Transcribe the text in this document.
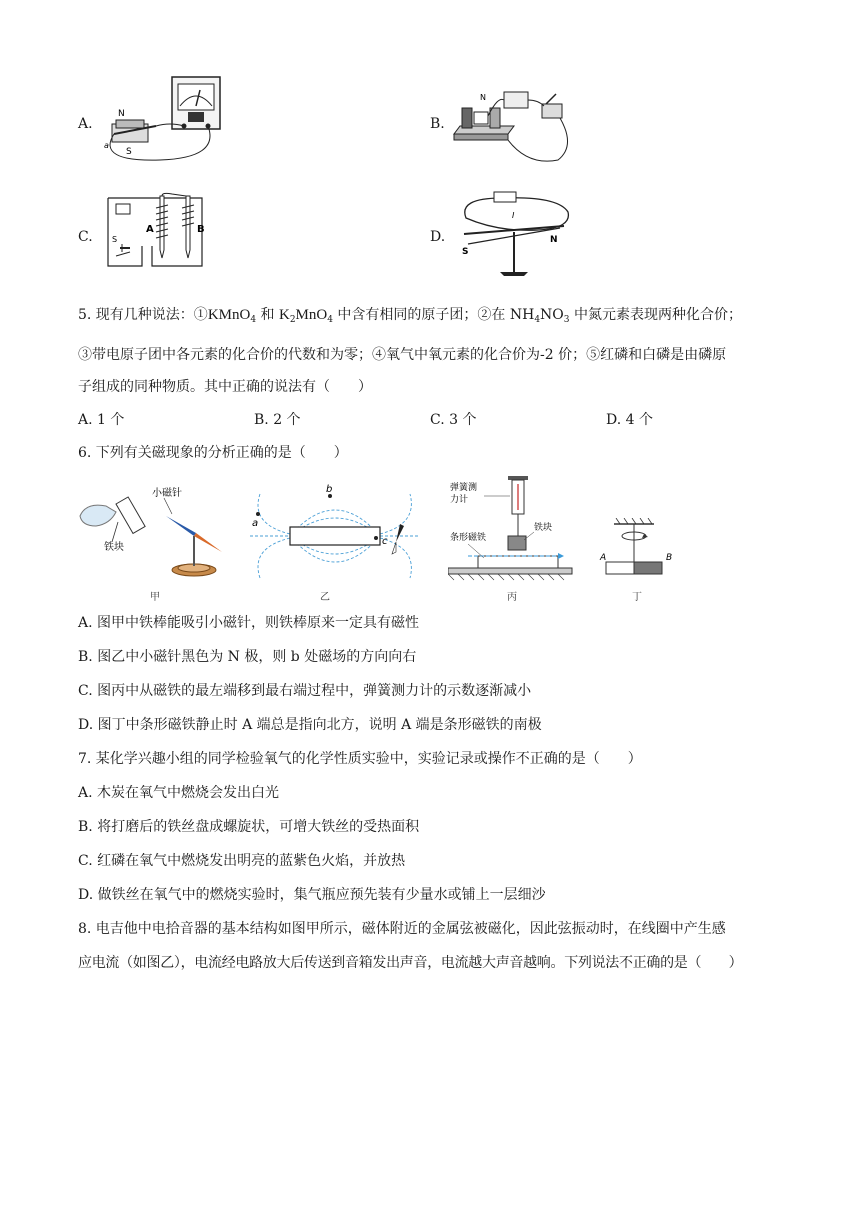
A.	B.
C.	D.
N
S
a
N
A	B
S
S
N
I
5. 现有几种说法：①KMnO$_4$ 和 $K_2MnO_4$ 中含有相同的原子团；②在 $NH_4NO_3$ 中氮元素表现两种化合价；
③带电原子团中各元素的化合价的代数和为零；④氧气中氧元素的化合价为-2 价；⑤红磷和白磷是由磷原
子组成的同种物质。其中正确的说法有（　　）
A. 1 个	B. 2 个	C. 3 个	D. 4 个
6. 下列有关磁现象的分析正确的是（　　）
小磁针
铁块
甲
b
a
c
乙
弹簧测
力计
条形磁铁
铁块
丙
A	B
丁
A. 图甲中铁棒能吸引小磁针，则铁棒原来一定具有磁性
B. 图乙中小磁针黑色为 N 极，则 b 处磁场的方向向右
C. 图丙中从磁铁的最左端移到最右端过程中，弹簧测力计的示数逐渐减小
D. 图丁中条形磁铁静止时 A 端总是指向北方，说明 A 端是条形磁铁的南极
7. 某化学兴趣小组的同学检验氧气的化学性质实验中，实验记录或操作不正确的是（　　）
A. 木炭在氧气中燃烧会发出白光
B. 将打磨后的铁丝盘成螺旋状，可增大铁丝的受热面积
C. 红磷在氧气中燃烧发出明亮的蓝紫色火焰，并放热
D. 做铁丝在氧气中的燃烧实验时，集气瓶应预先装有少量水或铺上一层细沙
8. 电吉他中电拾音器的基本结构如图甲所示，磁体附近的金属弦被磁化，因此弦振动时，在线圈中产生感
应电流（如图乙），电流经电路放大后传送到音箱发出声音，电流越大声音越响。下列说法不正确的是（　　）
